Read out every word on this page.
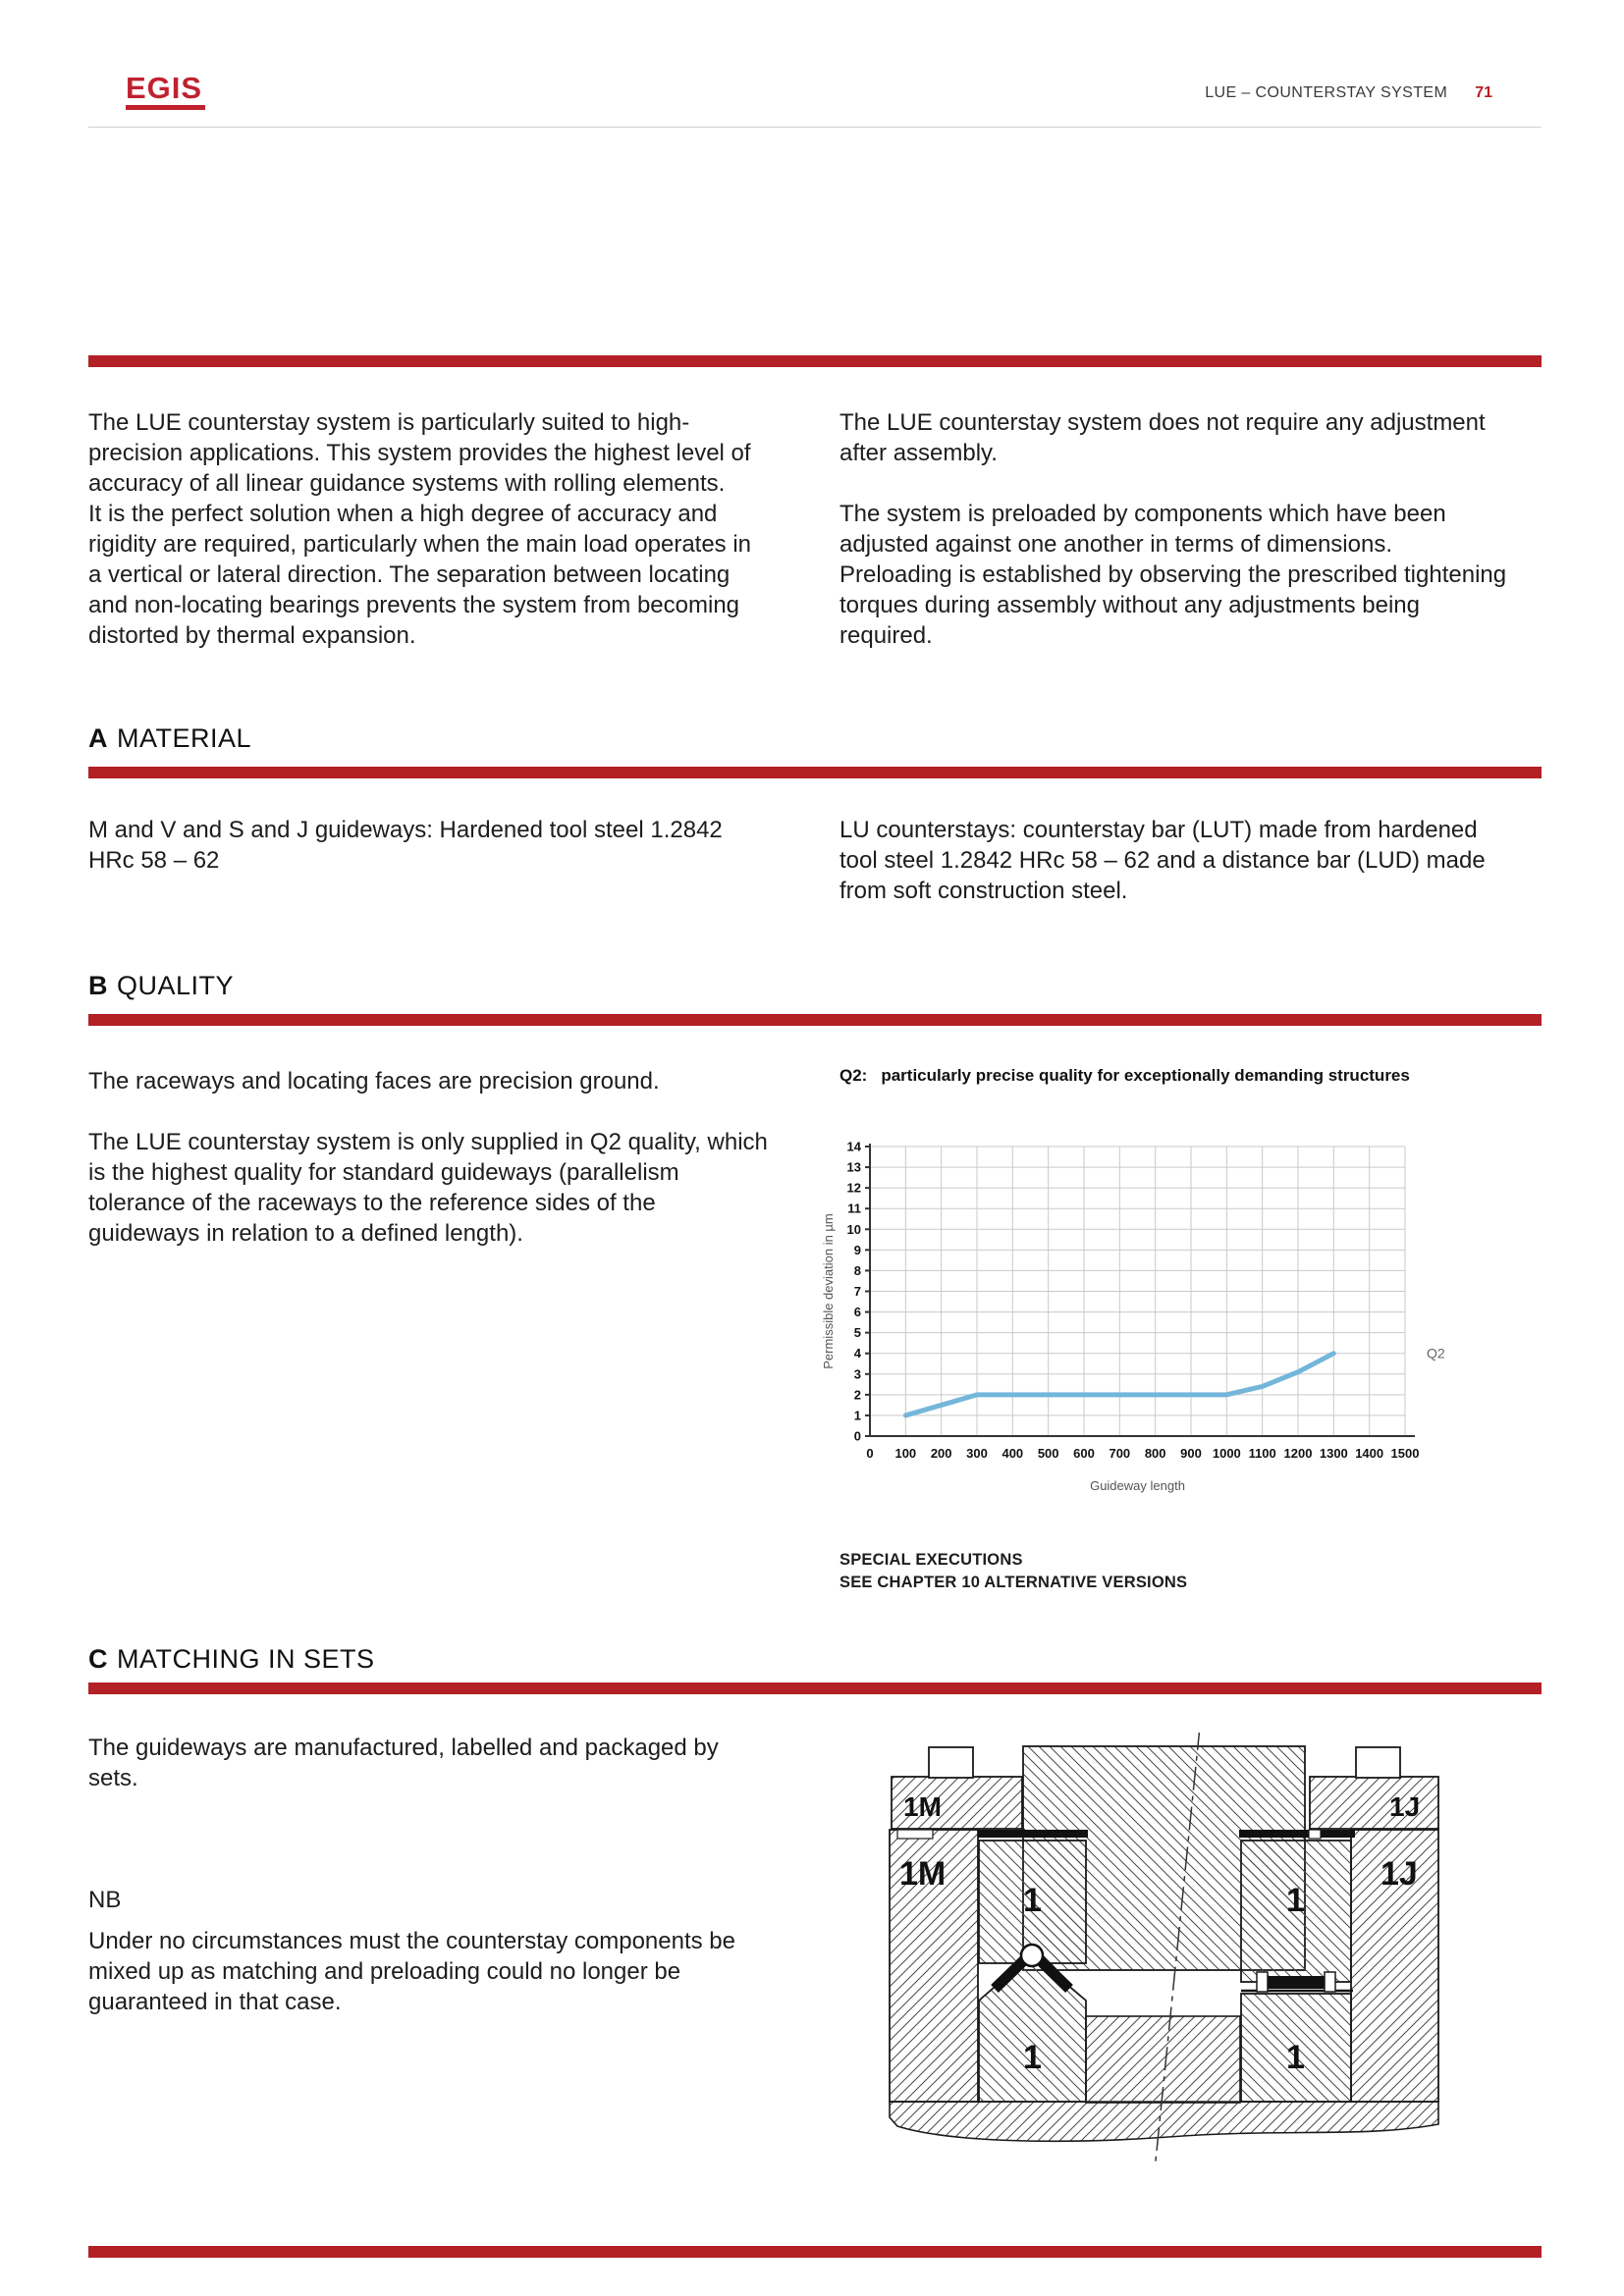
EGIS	LUE – COUNTERSTAY SYSTEM 71

The LUE counterstay system is particularly suited to high-precision applications. This system provides the highest level of accuracy of all linear guidance systems with rolling elements.

It is the perfect solution when a high degree of accuracy and rigidity are required, particularly when the main load operates in a vertical or lateral direction. The separation between locating and non-locating bearings prevents the system from becoming distorted by thermal expansion.

The LUE counterstay system does not require any adjustment after assembly.

The system is preloaded by components which have been adjusted against one another in terms of dimensions. Preloading is established by observing the prescribed tightening torques during assembly without any adjustments being required.

A MATERIAL

M and V and S and J guideways: Hardened tool steel 1.2842 HRc 58 – 62

LU counterstays: counterstay bar (LUT) made from hardened tool steel 1.2842 HRc 58 – 62 and a distance bar (LUD) made from soft construction steel.

B QUALITY

The raceways and locating faces are precision ground.

The LUE counterstay system is only supplied in Q2 quality, which is the highest quality for standard guideways (parallelism tolerance of the raceways to the reference sides of the guideways in relation to a defined length).

Q2: particularly precise quality for exceptionally demanding structures
0
1
2
3
4
5
6
7
8
9
10
11
12
13
14
0 100 200 300 400 500 600 700 800 900 1000 1100 1200 1300 1400 1500
Q2
Permissible deviation in µm
Guideway length
SPECIAL EXECUTIONS
SEE CHAPTER 10 ALTERNATIVE VERSIONS
C MATCHING IN SETS

The guideways are manufactured, labelled and packaged by sets.

NB

Under no circumstances must the counterstay components be mixed up as matching and preloading could no longer be guaranteed in that case.

1M
1M
1J
1J
1	1
1	1
